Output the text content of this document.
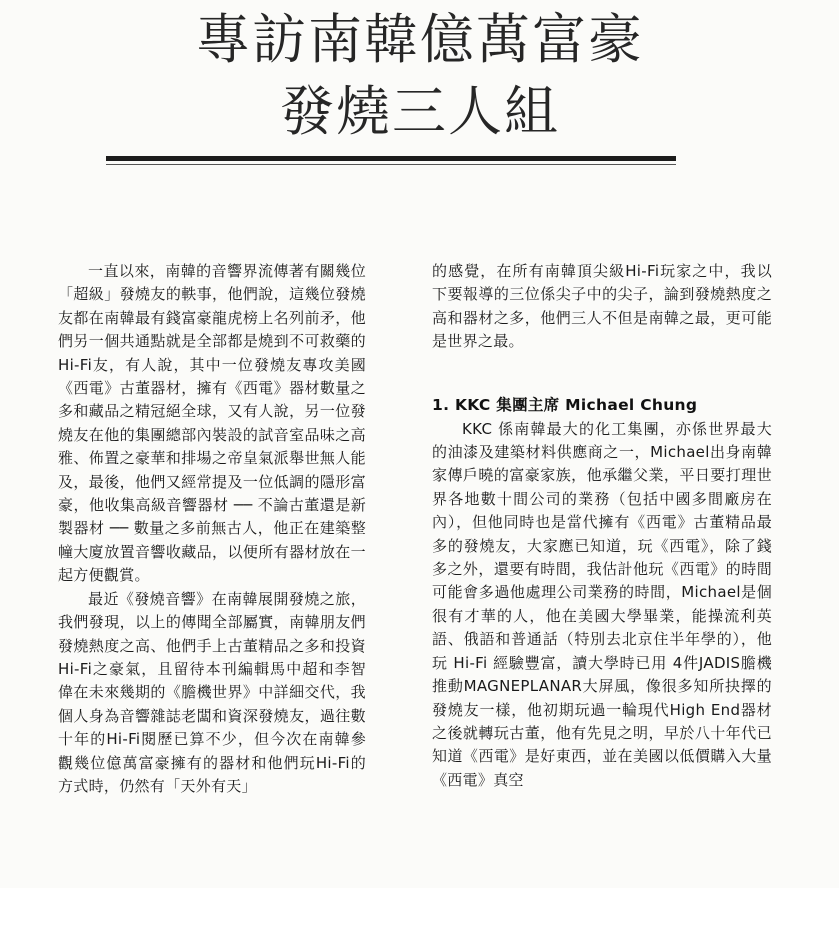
專訪南韓億萬富豪
發燒三人組

一直以來，南韓的音響界流傳著有關幾位「超級」發燒友的軼事，他們說，這幾位發燒友都在南韓最有錢富豪龍虎榜上名列前矛，他們另一個共通點就是全部都是燒到不可救藥的Hi-Fi友，有人說，其中一位發燒友專攻美國《西電》古董器材，擁有《西電》器材數量之多和藏品之精冠絕全球，又有人說，另一位發燒友在他的集團總部內裝設的試音室品味之高雅、佈置之豪華和排場之帝皇氣派舉世無人能及，最後，他們又經常提及一位低調的隱形富豪，他收集高級音響器材 ── 不論古董還是新製器材 ── 數量之多前無古人，他正在建築整幢大廈放置音響收藏品，以便所有器材放在一起方便觀賞。

最近《發燒音響》在南韓展開發燒之旅，我們發現，以上的傳聞全部屬實，南韓朋友們發燒熱度之高、他們手上古董精品之多和投資Hi-Fi之豪氣，且留待本刊編輯馬中超和李智偉在未來幾期的《膽機世界》中詳細交代，我個人身為音響雜誌老闆和資深發燒友，過往數十年的Hi-Fi閱歷已算不少，但今次在南韓參觀幾位億萬富豪擁有的器材和他們玩Hi-Fi的方式時，仍然有「天外有天」

的感覺，在所有南韓頂尖級Hi-Fi玩家之中，我以下要報導的三位係尖子中的尖子，論到發燒熱度之高和器材之多，他們三人不但是南韓之最，更可能是世界之最。

1. KKC 集團主席 Michael Chung

KKC 係南韓最大的化工集團，亦係世界最大的油漆及建築材料供應商之一，Michael出身南韓家傳戶曉的富豪家族，他承繼父業，平日要打理世界各地數十間公司的業務（包括中國多間廠房在內），但他同時也是當代擁有《西電》古董精品最多的發燒友，大家應已知道，玩《西電》，除了錢多之外，還要有時間，我估計他玩《西電》的時間可能會多過他處理公司業務的時間，Michael是個很有才華的人，他在美國大學畢業，能操流利英語、俄語和普通話（特別去北京住半年學的），他玩 Hi-Fi 經驗豐富，讀大學時已用 4件JADIS膽機推動MAGNEPLANAR大屏風，像很多知所抉擇的發燒友一樣，他初期玩過一輪現代High End器材之後就轉玩古董，他有先見之明，早於八十年代已知道《西電》是好東西，並在美國以低價購入大量《西電》真空
